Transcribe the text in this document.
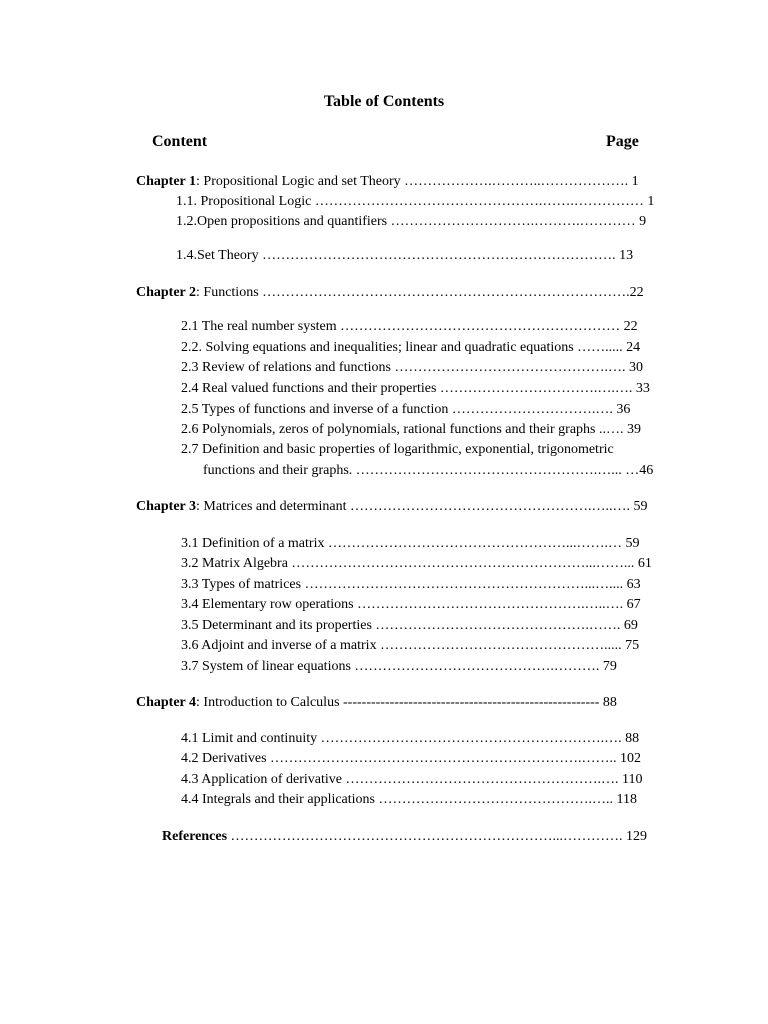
Table of Contents
Content	Page
Chapter 1: Propositional Logic and set Theory ……………….………..………………. 1
1.1. Propositional Logic ………………………………………….…….…………… 1
1.2.Open propositions and quantifiers ………………………….……….………… 9
1.4.Set Theory …………………………………………………………………. 13
Chapter 2: Functions …………………………………………………………………….22
2.1 The real number system …………………………………………………… 22
2.2. Solving equations and inequalities; linear and quadratic equations ……..... 24
2.3 Review of relations and functions ……………………………………….…. 30
2.4 Real valued functions and their properties …………………………….….…. 33
2.5 Types of functions and inverse of a function ………………………….…. 36
2.6 Polynomials, zeros of polynomials, rational functions and their graphs ..…. 39
2.7 Definition and basic properties of logarithmic, exponential, trigonometric
functions and their graphs. …………………………………………….…... …46
Chapter 3: Matrices and determinant …………………………………………….…..…. 59
3.1 Definition of a matrix ……………………………………………...…….… 59
3.2 Matrix Algebra ………………………………………………………...……... 61
3.3 Types of matrices ……………………………………………………...….... 63
3.4 Elementary row operations ………………………………………….…..…. 67
3.5 Determinant and its properties ……………………………………….……. 69
3.6 Adjoint and inverse of a matrix …………………………………………..... 75
3.7 System of linear equations …………………………………….………. 79
Chapter 4: Introduction to Calculus ------------------------------------------------------- 88
4.1 Limit and continuity …………………………………………………….…. 88
4.2 Derivatives ………………………………………………………….…….. 102
4.3 Application of derivative ……………………………………………….…. 110
4.4 Integrals and their applications ……………………………………….….. 118
References ……………………………………………………………...…………. 129
